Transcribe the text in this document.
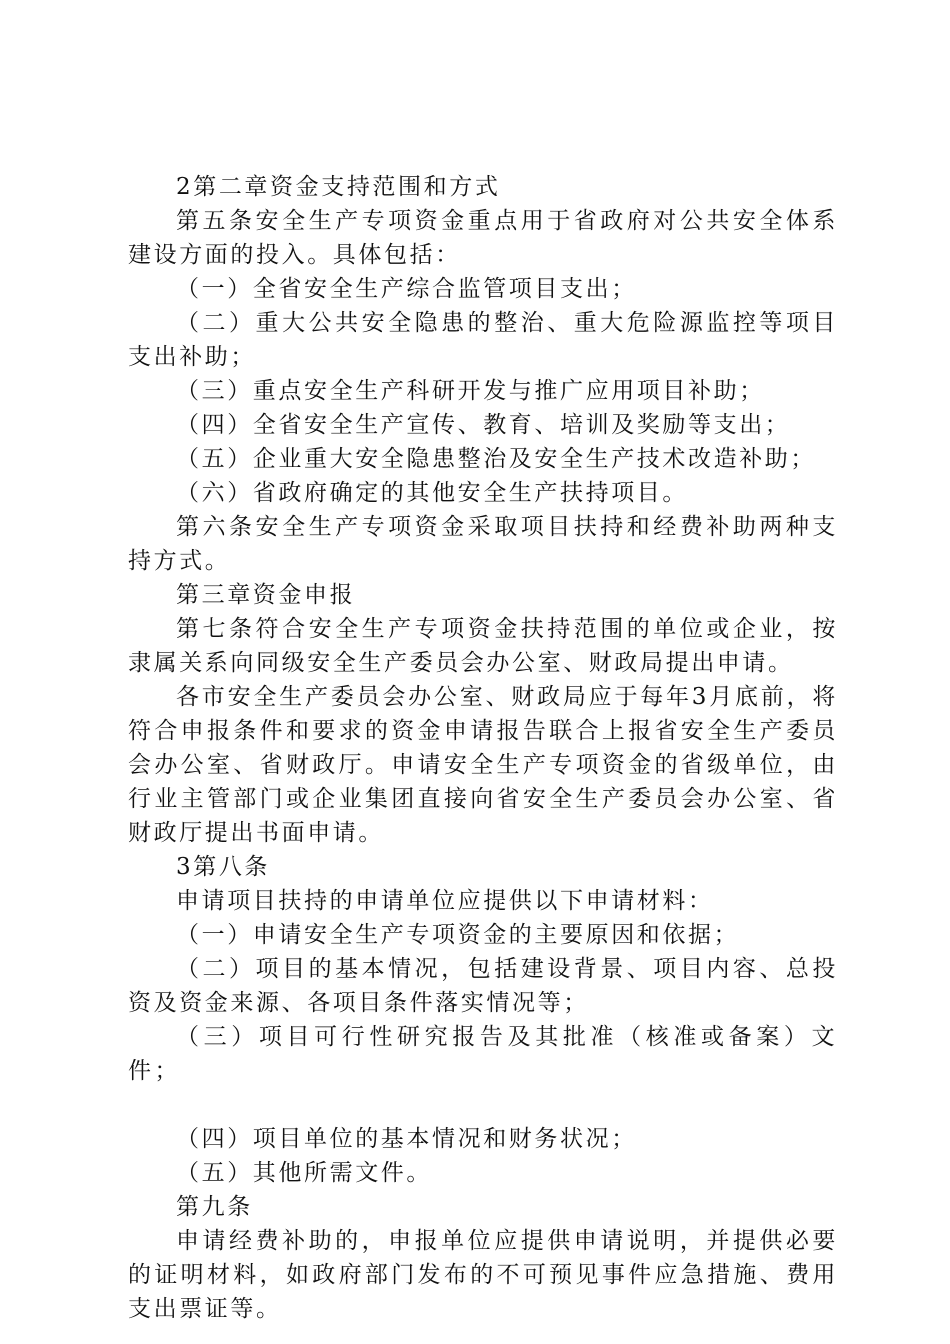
2第二章资金支持范围和方式

第五条安全生产专项资金重点用于省政府对公共安全体系建设方面的投入。具体包括：

（一）全省安全生产综合监管项目支出；

（二）重大公共安全隐患的整治、重大危险源监控等项目支出补助；

（三）重点安全生产科研开发与推广应用项目补助；

（四）全省安全生产宣传、教育、培训及奖励等支出；

（五）企业重大安全隐患整治及安全生产技术改造补助；

（六）省政府确定的其他安全生产扶持项目。

第六条安全生产专项资金采取项目扶持和经费补助两种支持方式。

第三章资金申报

第七条符合安全生产专项资金扶持范围的单位或企业，按隶属关系向同级安全生产委员会办公室、财政局提出申请。

各市安全生产委员会办公室、财政局应于每年3月底前，将符合申报条件和要求的资金申请报告联合上报省安全生产委员会办公室、省财政厅。申请安全生产专项资金的省级单位，由行业主管部门或企业集团直接向省安全生产委员会办公室、省财政厅提出书面申请。

3第八条

申请项目扶持的申请单位应提供以下申请材料：

（一）申请安全生产专项资金的主要原因和依据；

（二）项目的基本情况，包括建设背景、项目内容、总投资及资金来源、各项目条件落实情况等；

（三）项目可行性研究报告及其批准（核准或备案）文件；

（四）项目单位的基本情况和财务状况；

（五）其他所需文件。

第九条

申请经费补助的，申报单位应提供申请说明，并提供必要的证明材料，如政府部门发布的不可预见事件应急措施、费用支出票证等。
